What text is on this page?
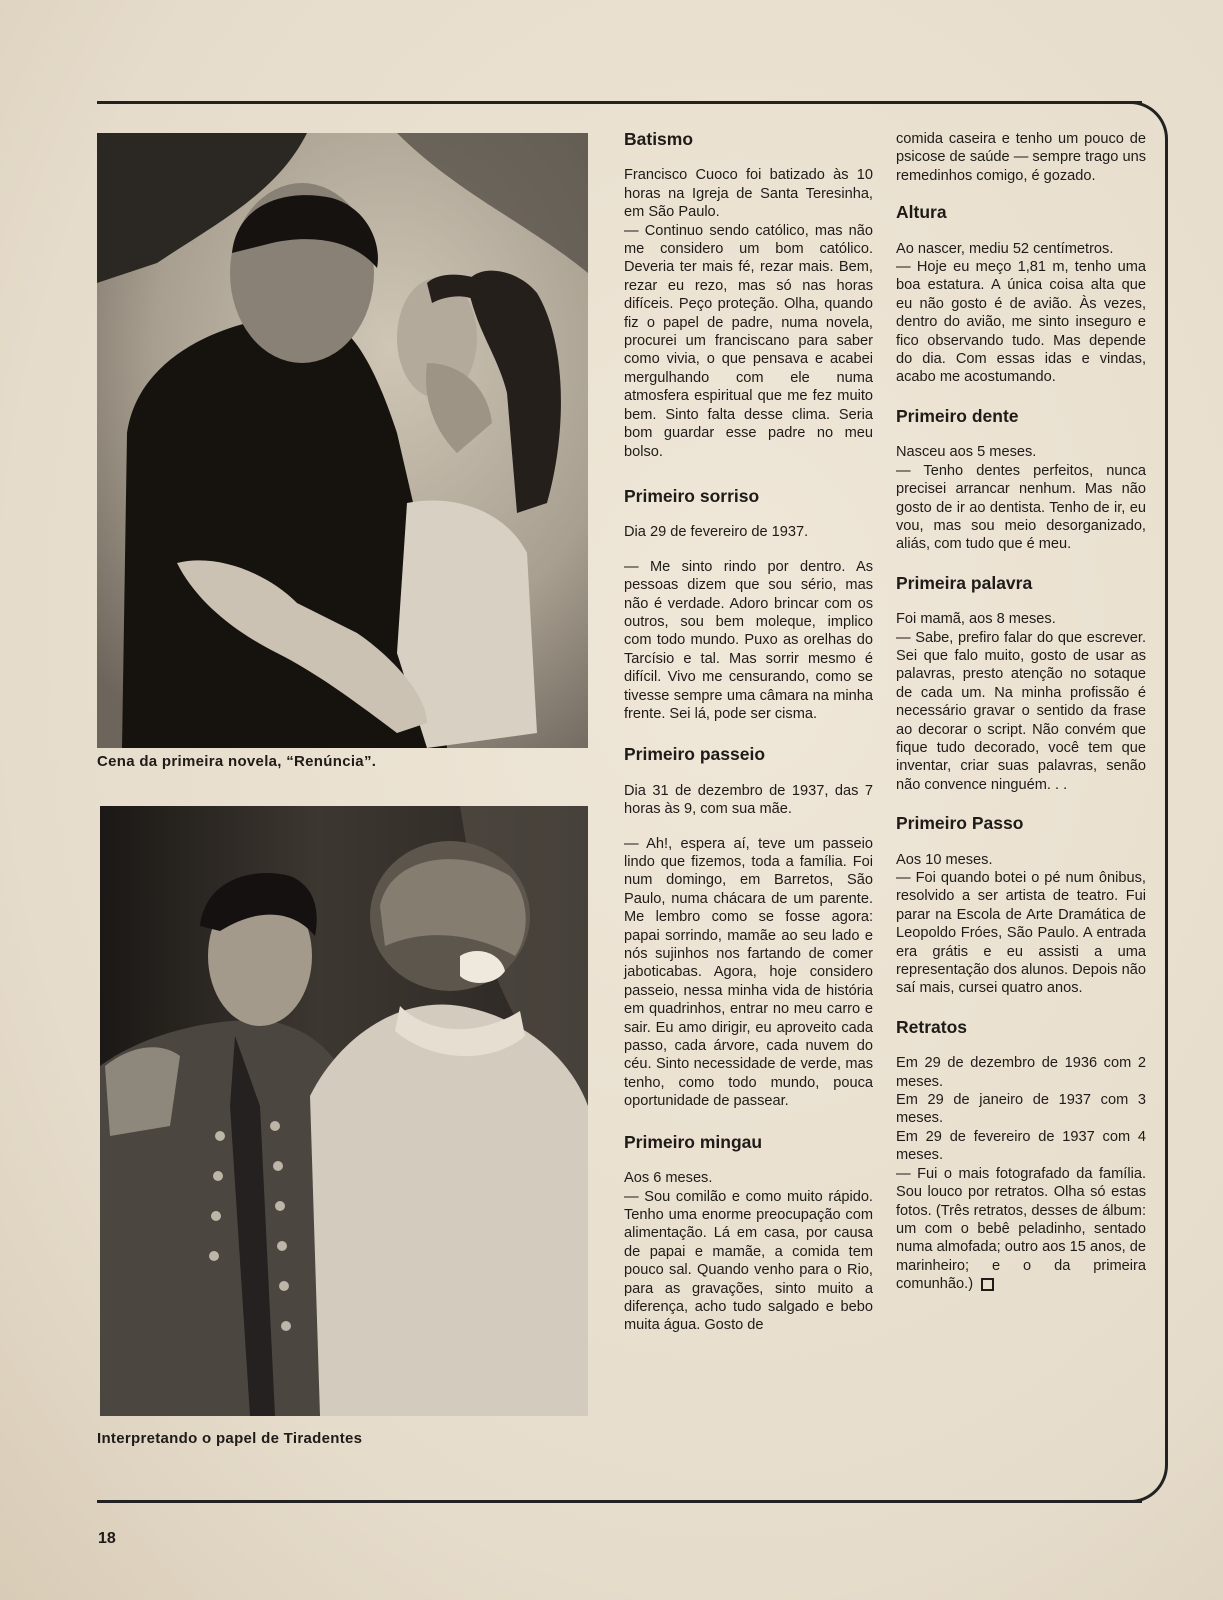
Cena da primeira novela, “Renúncia”.
Interpretando o papel de Tiradentes
Batismo

Francisco Cuoco foi batizado às 10 horas na Igreja de Santa Teresinha, em São Paulo.

— Continuo sendo católico, mas não me considero um bom católico. Deveria ter mais fé, rezar mais. Bem, rezar eu rezo, mas só nas horas difíceis. Peço proteção. Olha, quando fiz o papel de padre, numa novela, procurei um franciscano para saber como vivia, o que pensava e acabei mergulhando com ele numa atmosfera espiritual que me fez muito bem. Sinto falta desse clima. Seria bom guardar esse padre no meu bolso.

Primeiro sorriso

Dia 29 de fevereiro de 1937.

— Me sinto rindo por dentro. As pessoas dizem que sou sério, mas não é verdade. Adoro brincar com os outros, sou bem moleque, implico com todo mundo. Puxo as orelhas do Tarcísio e tal. Mas sorrir mesmo é difícil. Vivo me censurando, como se tivesse sempre uma câmara na minha frente. Sei lá, pode ser cisma.

Primeiro passeio

Dia 31 de dezembro de 1937, das 7 horas às 9, com sua mãe.

— Ah!, espera aí, teve um passeio lindo que fizemos, toda a família. Foi num domingo, em Barretos, São Paulo, numa chácara de um parente. Me lembro como se fosse agora: papai sorrindo, mamãe ao seu lado e nós sujinhos nos fartando de comer jaboticabas. Agora, hoje considero passeio, nessa minha vida de história em quadrinhos, entrar no meu carro e sair. Eu amo dirigir, eu aproveito cada passo, cada árvore, cada nuvem do céu. Sinto necessidade de verde, mas tenho, como todo mundo, pouca oportunidade de passear.

Primeiro mingau

Aos 6 meses.

— Sou comilão e como muito rápido. Tenho uma enorme preocupação com alimentação. Lá em casa, por causa de papai e mamãe, a comida tem pouco sal. Quando venho para o Rio, para as gravações, sinto muito a diferença, acho tudo salgado e bebo muita água. Gosto de

comida caseira e tenho um pouco de psicose de saúde — sempre trago uns remedinhos comigo, é gozado.

Altura

Ao nascer, mediu 52 centímetros.

— Hoje eu meço 1,81 m, tenho uma boa estatura. A única coisa alta que eu não gosto é de avião. Às vezes, dentro do avião, me sinto inseguro e fico observando tudo. Mas depende do dia. Com essas idas e vindas, acabo me acostumando.

Primeiro dente

Nasceu aos 5 meses.

— Tenho dentes perfeitos, nunca precisei arrancar nenhum. Mas não gosto de ir ao dentista. Tenho de ir, eu vou, mas sou meio desorganizado, aliás, com tudo que é meu.

Primeira palavra

Foi mamã, aos 8 meses.

— Sabe, prefiro falar do que escrever. Sei que falo muito, gosto de usar as palavras, presto atenção no sotaque de cada um. Na minha profissão é necessário gravar o sentido da frase ao decorar o script. Não convém que fique tudo decorado, você tem que inventar, criar suas palavras, senão não convence ninguém. . .

Primeiro Passo

Aos 10 meses.

— Foi quando botei o pé num ônibus, resolvido a ser artista de teatro. Fui parar na Escola de Arte Dramática de Leopoldo Fróes, São Paulo. A entrada era grátis e eu assisti a uma representação dos alunos. Depois não saí mais, cursei quatro anos.

Retratos

Em 29 de dezembro de 1936 com 2 meses.

Em 29 de janeiro de 1937 com 3 meses.

Em 29 de fevereiro de 1937 com 4 meses.

— Fui o mais fotografado da família. Sou louco por retratos. Olha só estas fotos. (Três retratos, desses de álbum: um com o bebê peladinho, sentado numa almofada; outro aos 15 anos, de marinheiro; e o da primeira comunhão.)

18
